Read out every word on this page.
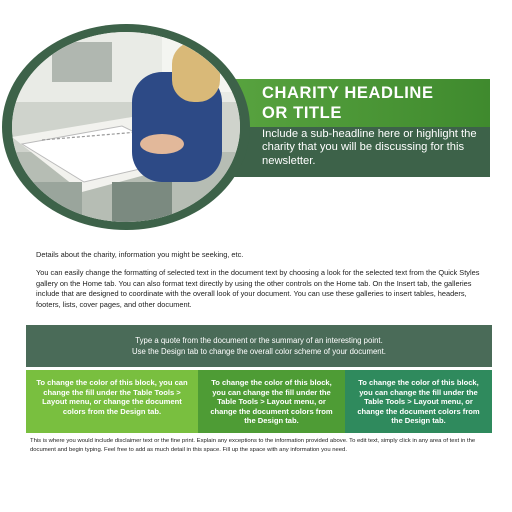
CHARITY HEADLINE
OR TITLE

Include a sub-headline here or highlight the charity that you will be discussing for this newsletter.

Details about the charity, information you might be seeking, etc.

You can easily change the formatting of selected text in the document text by choosing a look for the selected text from the Quick Styles gallery on the Home tab. You can also format text directly by using the other controls on the Home tab. On the Insert tab, the galleries include that are designed to coordinate with the overall look of your document. You can use these galleries to insert tables, headers, footers, lists, cover pages, and other document.

Type a quote from the document or the summary of an interesting point.
Use the Design tab to change the overall color scheme of your document.
To change the color of this block, you can change the fill under the Table Tools > Layout menu, or change the document colors from the Design tab.
To change the color of this block, you can change the fill under the Table Tools > Layout menu, or change the document colors from the Design tab.
To change the color of this block, you can change the fill under the Table Tools > Layout menu, or change the document colors from the Design tab.

This is where you would include disclaimer text or the fine print. Explain any exceptions to the information provided above. To edit text, simply click in any area of text in the document and begin typing. Feel free to add as much detail in this space. Fill up the space with any information you need.
